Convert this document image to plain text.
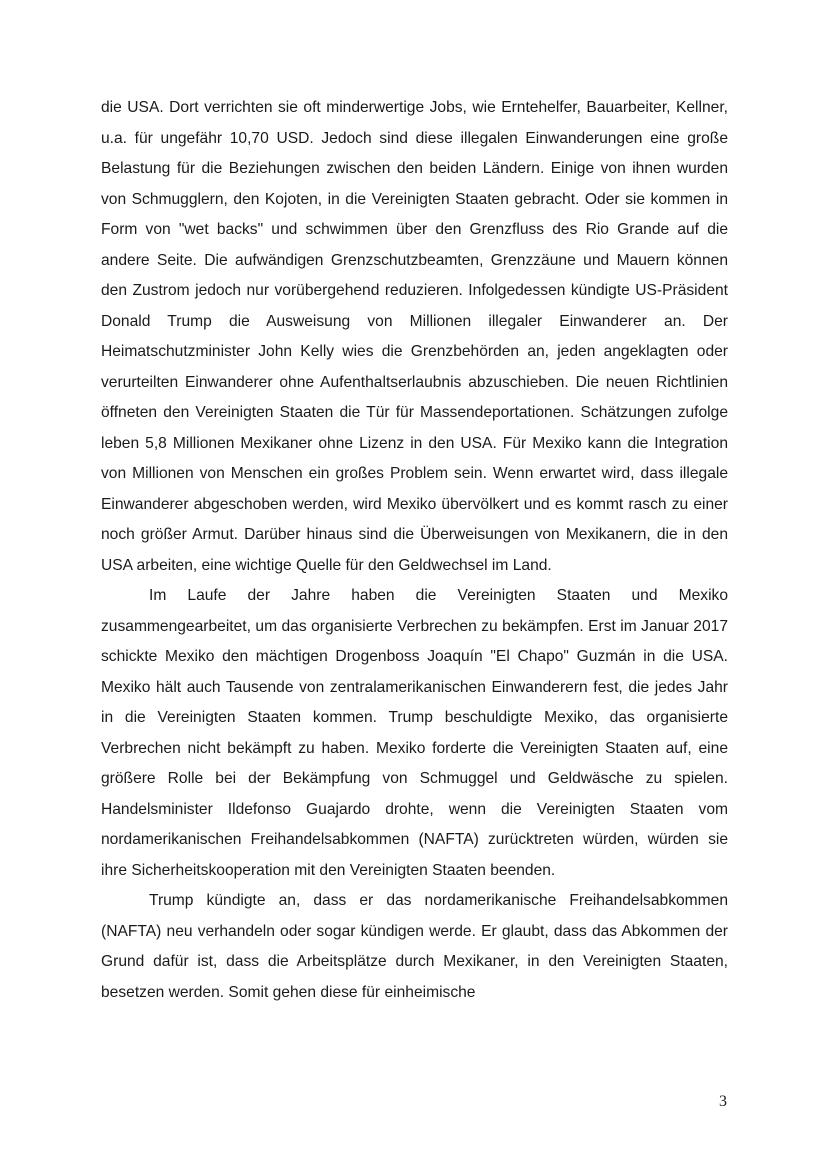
die USA. Dort verrichten sie oft minderwertige Jobs, wie Erntehelfer, Bauarbeiter, Kellner, u.a. für ungefähr 10,70 USD. Jedoch sind diese illegalen Einwanderungen eine große Belastung für die Beziehungen zwischen den beiden Ländern. Einige von ihnen wurden von Schmugglern, den Kojoten, in die Vereinigten Staaten gebracht. Oder sie kommen in Form von "wet backs" und schwimmen über den Grenzfluss des Rio Grande auf die andere Seite. Die aufwändigen Grenzschutzbeamten, Grenzzäune und Mauern können den Zustrom jedoch nur vorübergehend reduzieren. Infolgedessen kündigte US-Präsident Donald Trump die Ausweisung von Millionen illegaler Einwanderer an. Der Heimatschutzminister John Kelly wies die Grenzbehörden an, jeden angeklagten oder verurteilten Einwanderer ohne Aufenthaltserlaubnis abzuschieben. Die neuen Richtlinien öffneten den Vereinigten Staaten die Tür für Massendeportationen. Schätzungen zufolge leben 5,8 Millionen Mexikaner ohne Lizenz in den USA. Für Mexiko kann die Integration von Millionen von Menschen ein großes Problem sein. Wenn erwartet wird, dass illegale Einwanderer abgeschoben werden, wird Mexiko übervölkert und es kommt rasch zu einer noch größer Armut. Darüber hinaus sind die Überweisungen von Mexikanern, die in den USA arbeiten, eine wichtige Quelle für den Geldwechsel im Land.

Im Laufe der Jahre haben die Vereinigten Staaten und Mexiko zusammengearbeitet, um das organisierte Verbrechen zu bekämpfen. Erst im Januar 2017 schickte Mexiko den mächtigen Drogenboss Joaquín "El Chapo" Guzmán in die USA. Mexiko hält auch Tausende von zentralamerikanischen Einwanderern fest, die jedes Jahr in die Vereinigten Staaten kommen. Trump beschuldigte Mexiko, das organisierte Verbrechen nicht bekämpft zu haben. Mexiko forderte die Vereinigten Staaten auf, eine größere Rolle bei der Bekämpfung von Schmuggel und Geldwäsche zu spielen. Handelsminister Ildefonso Guajardo drohte, wenn die Vereinigten Staaten vom nordamerikanischen Freihandelsabkommen (NAFTA) zurücktreten würden, würden sie ihre Sicherheitskooperation mit den Vereinigten Staaten beenden.

Trump kündigte an, dass er das nordamerikanische Freihandelsabkommen (NAFTA) neu verhandeln oder sogar kündigen werde. Er glaubt, dass das Abkommen der Grund dafür ist, dass die Arbeitsplätze durch Mexikaner, in den Vereinigten Staaten, besetzen werden. Somit gehen diese für einheimische

3
